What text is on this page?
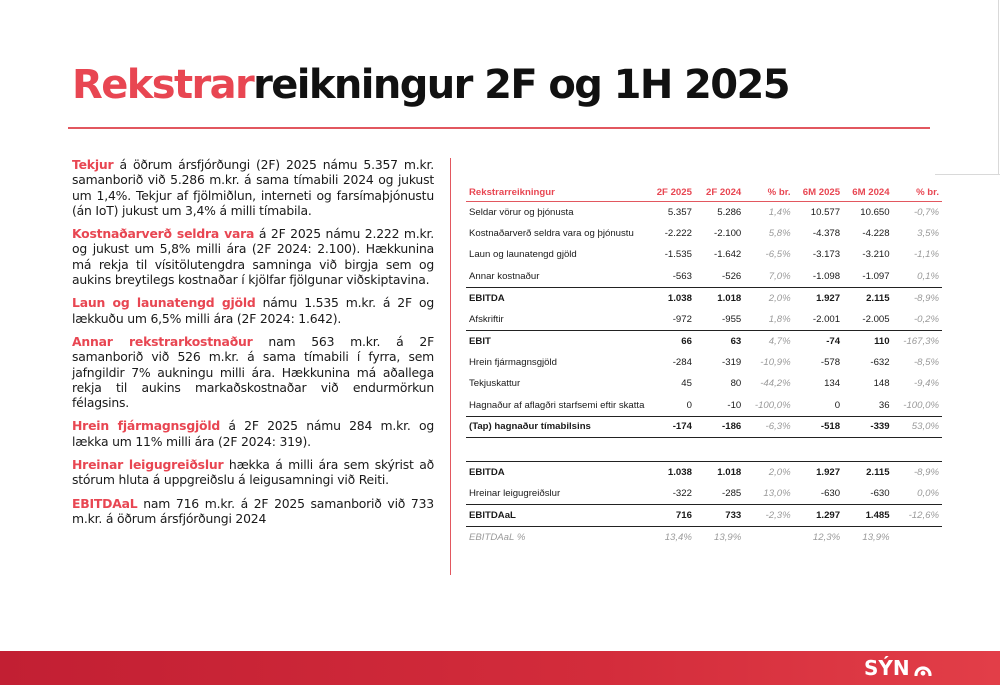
Rekstrarreikningur 2F og 1H 2025

Tekjur á öðrum ársfjórðungi (2F) 2025 námu 5.357 m.kr. samanborið við 5.286 m.kr. á sama tímabili 2024 og jukust um 1,4%. Tekjur af fjölmiðlun, interneti og farsímaþjónustu (án IoT) jukust um 3,4% á milli tímabila.

Kostnaðarverð seldra vara á 2F 2025 námu 2.222 m.kr. og jukust um 5,8% milli ára (2F 2024: 2.100). Hækkunina má rekja til vísitölutengdra samninga við birgja sem og aukins breytilegs kostnaðar í kjölfar fjölgunar viðskiptavina.

Laun og launatengd gjöld námu 1.535 m.kr. á 2F og lækkuðu um 6,5% milli ára (2F 2024: 1.642).

Annar rekstrarkostnaður nam 563 m.kr. á 2F samanborið við 526 m.kr. á sama tímabili í fyrra, sem jafngildir 7% aukningu milli ára. Hækkunina má aðallega rekja til aukins markaðskostnaðar við endurmörkun félagsins.

Hrein fjármagnsgjöld á 2F 2025 námu 284 m.kr. og lækka um 11% milli ára (2F 2024: 319).

Hreinar leigugreiðslur hækka á milli ára sem skýrist að stórum hluta á uppgreiðslu á leigusamningi við Reiti.

EBITDAaL nam 716 m.kr. á 2F 2025 samanborið við 733 m.kr. á öðrum ársfjórðungi 2024

Rekstrarreikningur	2F 2025	2F 2024	% br.	6M 2025	6M 2024	% br.
Seldar vörur og þjónusta	5.357	5.286	1,4%	10.577	10.650	-0,7%
Kostnaðarverð seldra vara og þjónustu	-2.222	-2.100	5,8%	-4.378	-4.228	3,5%
Laun og launatengd gjöld	-1.535	-1.642	-6,5%	-3.173	-3.210	-1,1%
Annar kostnaður	-563	-526	7,0%	-1.098	-1.097	0,1%
EBITDA	1.038	1.018	2,0%	1.927	2.115	-8,9%
Afskriftir	-972	-955	1,8%	-2.001	-2.005	-0,2%
EBIT	66	63	4,7%	-74	110	-167,3%
Hrein fjármagnsgjöld	-284	-319	-10,9%	-578	-632	-8,5%
Tekjuskattur	45	80	-44,2%	134	148	-9,4%
Hagnaður af aflagðri starfsemi eftir skatta	0	-10	-100,0%	0	36	-100,0%
(Tap) hagnaður tímabilsins	-174	-186	-6,3%	-518	-339	53,0%

EBITDA	1.038	1.018	2,0%	1.927	2.115	-8,9%
Hreinar leigugreiðslur	-322	-285	13,0%	-630	-630	0,0%
EBITDAaL	716	733	-2,3%	1.297	1.485	-12,6%
EBITDAaL %	13,4%	13,9%		12,3%	13,9%	
SÝN
